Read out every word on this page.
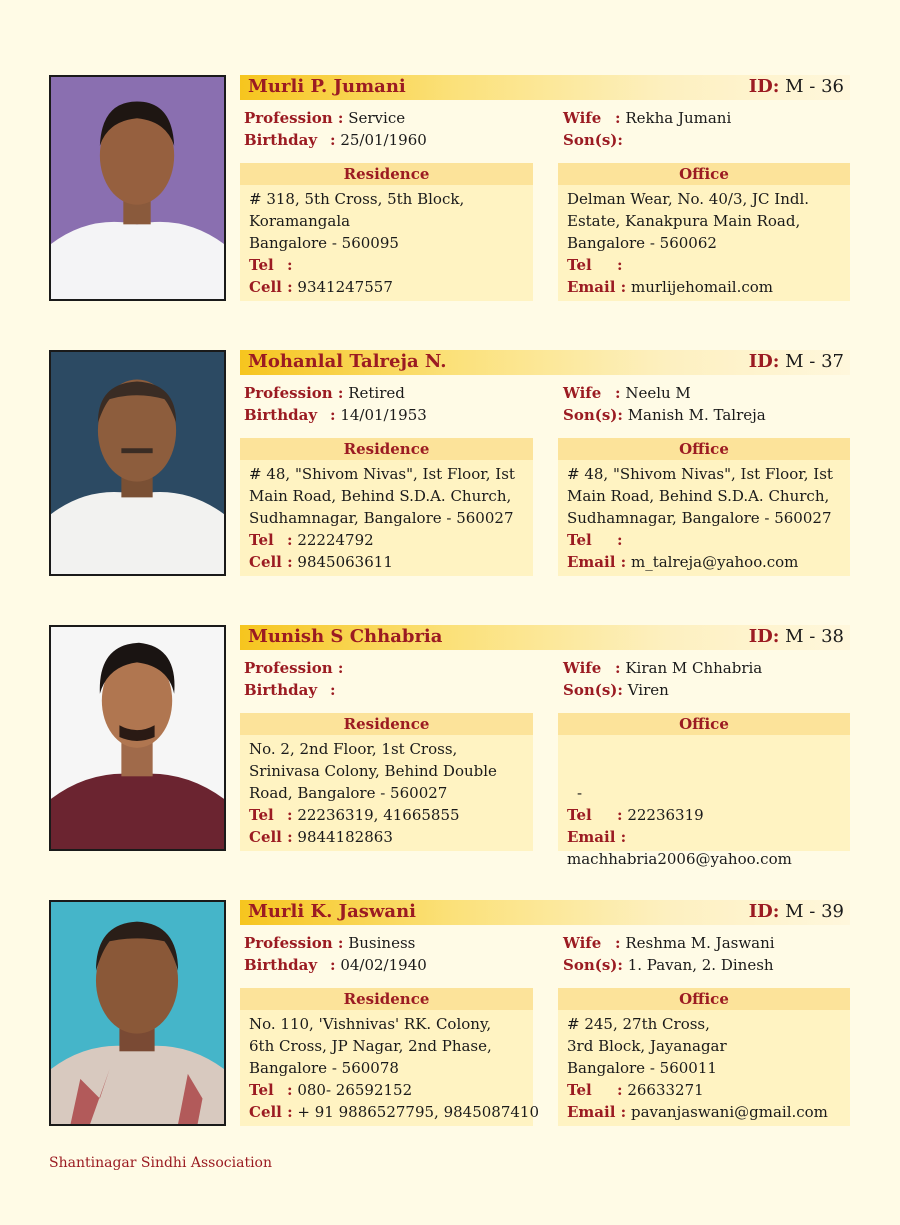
Murli P. Jumani	ID: M - 36
Profession : Service
Birthday : 25/01/1960
Wife : Rekha Jumani
Son(s):
Residence	Office
# 318, 5th Cross, 5th Block,
Koramangala
Bangalore - 560095
Tel :
Cell : 9341247557
Delman Wear, No. 40/3, JC Indl.
Estate, Kanakpura Main Road,
Bangalore - 560062
Tel :
Email : murlijehomail.com
Mohanlal Talreja N.	ID: M - 37
Profession : Retired
Birthday : 14/01/1953
Wife : Neelu M
Son(s): Manish M. Talreja
Residence	Office
# 48, "Shivom Nivas", Ist Floor, Ist
Main Road, Behind S.D.A. Church,
Sudhamnagar, Bangalore - 560027
Tel : 22224792
Cell : 9845063611
# 48, "Shivom Nivas", Ist Floor, Ist
Main Road, Behind S.D.A. Church,
Sudhamnagar, Bangalore - 560027
Tel :
Email : m_talreja@yahoo.com
Munish S Chhabria	ID: M - 38
Profession :
Birthday :
Wife : Kiran M Chhabria
Son(s): Viren
Residence	Office
No. 2, 2nd Floor, 1st Cross,
Srinivasa Colony, Behind Double
Road, Bangalore - 560027
Tel : 22236319, 41665855
Cell : 9844182863
-
Tel : 22236319
Email :
machhabria2006@yahoo.com
Murli K. Jaswani	ID: M - 39
Profession : Business
Birthday : 04/02/1940
Wife : Reshma M. Jaswani
Son(s): 1. Pavan, 2. Dinesh
Residence	Office
No. 110, 'Vishnivas' RK. Colony,
6th Cross, JP Nagar, 2nd Phase,
Bangalore - 560078
Tel : 080- 26592152
Cell : + 91 9886527795, 9845087410
# 245, 27th Cross,
3rd Block, Jayanagar
Bangalore - 560011
Tel : 26633271
Email : pavanjaswani@gmail.com
Shantinagar Sindhi Association
